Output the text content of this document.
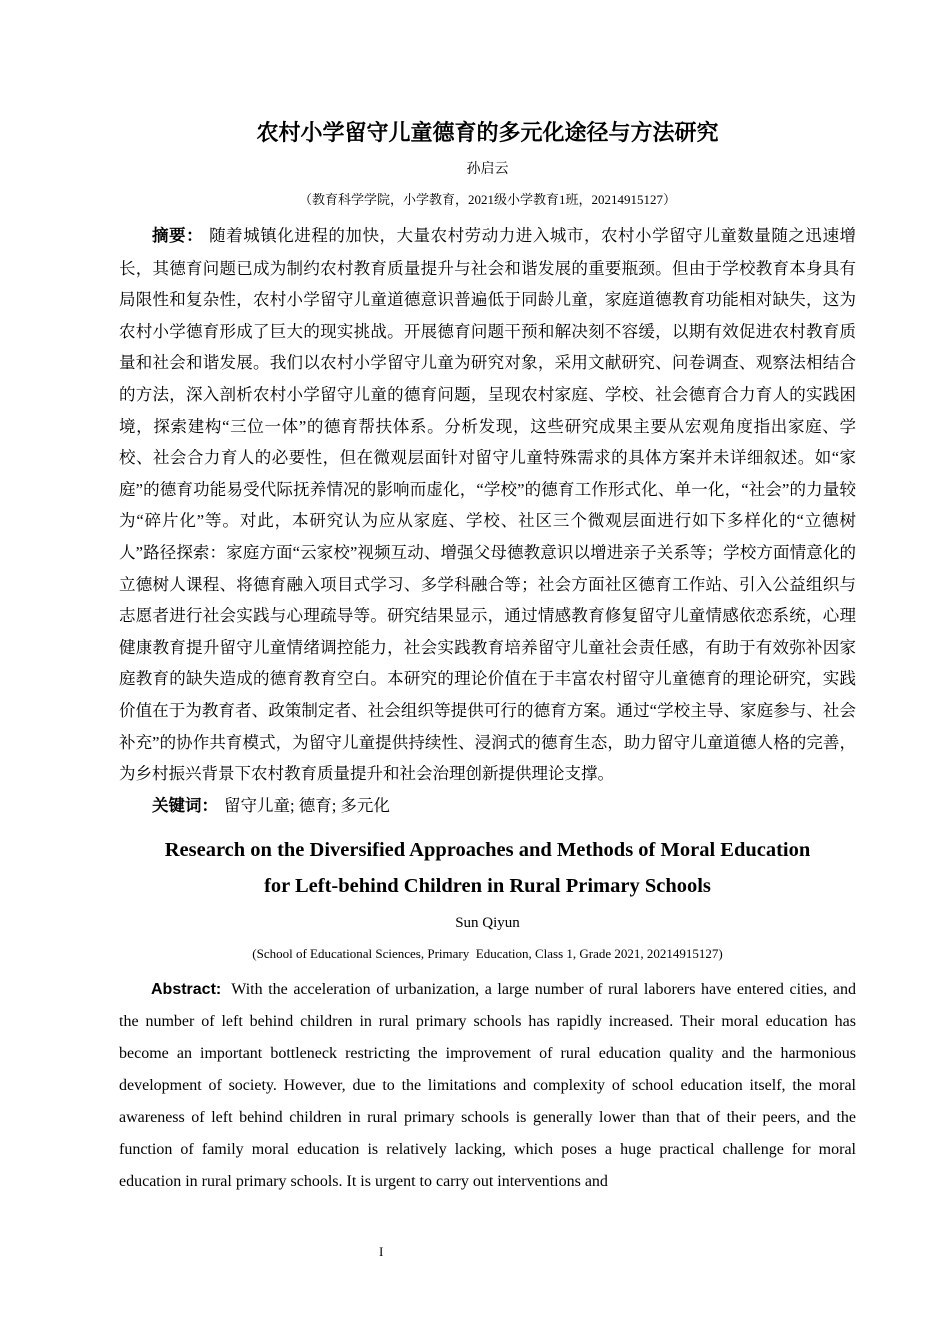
农村小学留守儿童德育的多元化途径与方法研究
孙启云
（教育科学学院，小学教育，2021级小学教育1班，20214915127）

摘要： 随着城镇化进程的加快，大量农村劳动力进入城市，农村小学留守儿童数量随之迅速增长，其德育问题已成为制约农村教育质量提升与社会和谐发展的重要瓶颈。但由于学校教育本身具有局限性和复杂性，农村小学留守儿童道德意识普遍低于同龄儿童，家庭道德教育功能相对缺失，这为农村小学德育形成了巨大的现实挑战。开展德育问题干预和解决刻不容缓，以期有效促进农村教育质量和社会和谐发展。我们以农村小学留守儿童为研究对象，采用文献研究、问卷调查、观察法相结合的方法，深入剖析农村小学留守儿童的德育问题，呈现农村家庭、学校、社会德育合力育人的实践困境，探索建构“三位一体”的德育帮扶体系。分析发现，这些研究成果主要从宏观角度指出家庭、学校、社会合力育人的必要性，但在微观层面针对留守儿童特殊需求的具体方案并未详细叙述。如“家庭”的德育功能易受代际抚养情况的影响而虚化，“学校”的德育工作形式化、单一化，“社会”的力量较为“碎片化”等。对此，本研究认为应从家庭、学校、社区三个微观层面进行如下多样化的“立德树人”路径探索：家庭方面“云家校”视频互动、增强父母德教意识以增进亲子关系等；学校方面情意化的立德树人课程、将德育融入项目式学习、多学科融合等；社会方面社区德育工作站、引入公益组织与志愿者进行社会实践与心理疏导等。研究结果显示，通过情感教育修复留守儿童情感依恋系统，心理健康教育提升留守儿童情绪调控能力，社会实践教育培养留守儿童社会责任感，有助于有效弥补因家庭教育的缺失造成的德育教育空白。本研究的理论价值在于丰富农村留守儿童德育的理论研究，实践价值在于为教育者、政策制定者、社会组织等提供可行的德育方案。通过“学校主导、家庭参与、社会补充”的协作共育模式，为留守儿童提供持续性、浸润式的德育生态，助力留守儿童道德人格的完善，为乡村振兴背景下农村教育质量提升和社会治理创新提供理论支撑。

关键词： 留守儿童; 德育; 多元化

Research on the Diversified Approaches and Methods of Moral Education
for Left-behind Children in Rural Primary Schools
Sun Qiyun
(School of Educational Sciences, Primary  Education, Class 1, Grade 2021, 20214915127)

Abstract: With the acceleration of urbanization, a large number of rural laborers have entered cities, and the number of left behind children in rural primary schools has rapidly increased. Their moral education has become an important bottleneck restricting the improvement of rural education quality and the harmonious development of society. However, due to the limitations and complexity of school education itself, the moral awareness of left behind children in rural primary schools is generally lower than that of their peers, and the function of family moral education is relatively lacking, which poses a huge practical challenge for moral education in rural primary schools. It is urgent to carry out interventions and

I
